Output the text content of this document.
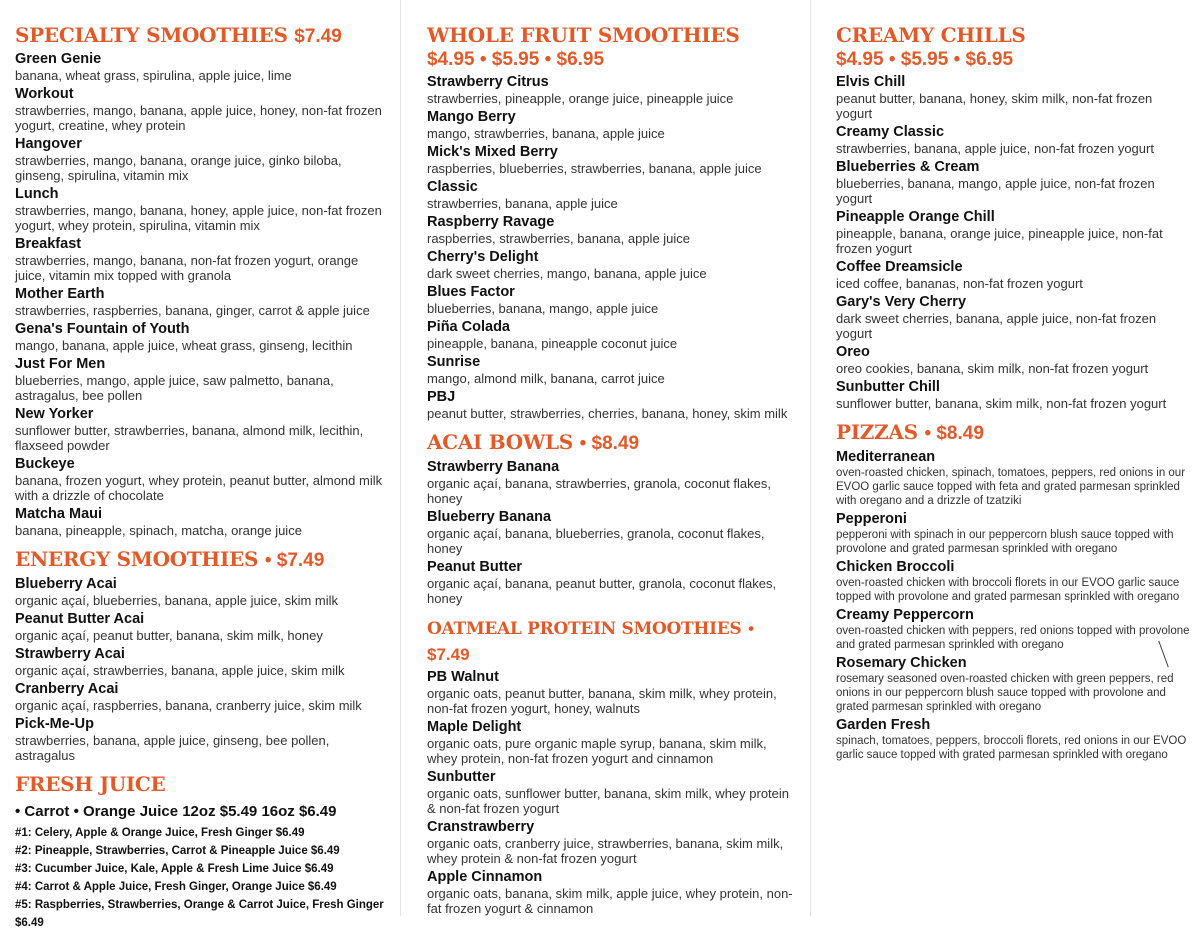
SPECIALTY SMOOTHIES $7.49
Green Genie
banana, wheat grass, spirulina, apple juice, lime
Workout
strawberries, mango, banana, apple juice, honey, non-fat frozen yogurt, creatine, whey protein
Hangover
strawberries, mango, banana, orange juice, ginko biloba, ginseng, spirulina, vitamin mix
Lunch
strawberries, mango, banana, honey, apple juice, non-fat frozen yogurt, whey protein, spirulina, vitamin mix
Breakfast
strawberries, mango, banana, non-fat frozen yogurt, orange juice, vitamin mix topped with granola
Mother Earth
strawberries, raspberries, banana, ginger, carrot & apple juice
Gena's Fountain of Youth
mango, banana, apple juice, wheat grass, ginseng, lecithin
Just For Men
blueberries, mango, apple juice, saw palmetto, banana, astragalus, bee pollen
New Yorker
sunflower butter, strawberries, banana, almond milk, lecithin, flaxseed powder
Buckeye
banana, frozen yogurt, whey protein, peanut butter, almond milk with a drizzle of chocolate
Matcha Maui
banana, pineapple, spinach, matcha, orange juice
ENERGY SMOOTHIES • $7.49
Blueberry Acai
organic açaí, blueberries, banana, apple juice, skim milk
Peanut Butter Acai
organic açaí, peanut butter, banana, skim milk, honey
Strawberry Acai
organic açaí, strawberries, banana, apple juice, skim milk
Cranberry Acai
organic açaí, raspberries, banana, cranberry juice, skim milk
Pick-Me-Up
strawberries, banana, apple juice, ginseng, bee pollen, astragalus
FRESH JUICE
• Carrot • Orange Juice 12oz $5.49 16oz $6.49
#1: Celery, Apple & Orange Juice, Fresh Ginger $6.49
#2: Pineapple, Strawberries, Carrot & Pineapple Juice $6.49
#3: Cucumber Juice, Kale, Apple & Fresh Lime Juice $6.49
#4: Carrot & Apple Juice, Fresh Ginger, Orange Juice $6.49
#5: Raspberries, Strawberries, Orange & Carrot Juice, Fresh Ginger $6.49
WHOLE FRUIT SMOOTHIES
$4.95 • $5.95 • $6.95
Strawberry Citrus
strawberries, pineapple, orange juice, pineapple juice
Mango Berry
mango, strawberries, banana, apple juice
Mick's Mixed Berry
raspberries, blueberries, strawberries, banana, apple juice
Classic
strawberries, banana, apple juice
Raspberry Ravage
raspberries, strawberries, banana, apple juice
Cherry's Delight
dark sweet cherries, mango, banana, apple juice
Blues Factor
blueberries, banana, mango, apple juice
Piña Colada
pineapple, banana, pineapple coconut juice
Sunrise
mango, almond milk, banana, carrot juice
PBJ
peanut butter, strawberries, cherries, banana, honey, skim milk
ACAI BOWLS • $8.49
Strawberry Banana
organic açaí, banana, strawberries, granola, coconut flakes, honey
Blueberry Banana
organic açaí, banana, blueberries, granola, coconut flakes, honey
Peanut Butter
organic açaí, banana, peanut butter, granola, coconut flakes, honey
OATMEAL PROTEIN SMOOTHIES • $7.49
PB Walnut
organic oats, peanut butter, banana, skim milk, whey protein, non-fat frozen yogurt, honey, walnuts
Maple Delight
organic oats, pure organic maple syrup, banana, skim milk, whey protein, non-fat frozen yogurt and cinnamon
Sunbutter
organic oats, sunflower butter, banana, skim milk, whey protein & non-fat frozen yogurt
Cranstrawberry
organic oats, cranberry juice, strawberries, banana, skim milk, whey protein & non-fat frozen yogurt
Apple Cinnamon
organic oats, banana, skim milk, apple juice, whey protein, non-fat frozen yogurt & cinnamon
CREAMY CHILLS
$4.95 • $5.95 • $6.95
Elvis Chill
peanut butter, banana, honey, skim milk, non-fat frozen yogurt
Creamy Classic
strawberries, banana, apple juice, non-fat frozen yogurt
Blueberries & Cream
blueberries, banana, mango, apple juice, non-fat frozen yogurt
Pineapple Orange Chill
pineapple, banana, orange juice, pineapple juice, non-fat frozen yogurt
Coffee Dreamsicle
iced coffee, bananas, non-fat frozen yogurt
Gary's Very Cherry
dark sweet cherries, banana, apple juice, non-fat frozen yogurt
Oreo
oreo cookies, banana, skim milk, non-fat frozen yogurt
Sunbutter Chill
sunflower butter, banana, skim milk, non-fat frozen yogurt
PIZZAS • $8.49
Mediterranean
oven-roasted chicken, spinach, tomatoes, peppers, red onions in our EVOO garlic sauce topped with feta and grated parmesan sprinkled with oregano and a drizzle of tzatziki
Pepperoni
pepperoni with spinach in our peppercorn blush sauce topped with provolone and grated parmesan sprinkled with oregano
Chicken Broccoli
oven-roasted chicken with broccoli florets in our EVOO garlic sauce topped with provolone and grated parmesan sprinkled with oregano
Creamy Peppercorn
oven-roasted chicken with peppers, red onions topped with provolone and grated parmesan sprinkled with oregano
Rosemary Chicken
rosemary seasoned oven-roasted chicken with green peppers, red onions in our peppercorn blush sauce topped with provolone and grated parmesan sprinkled with oregano
Garden Fresh
spinach, tomatoes, peppers, broccoli florets, red onions in our EVOO garlic sauce topped with grated parmesan sprinkled with oregano
